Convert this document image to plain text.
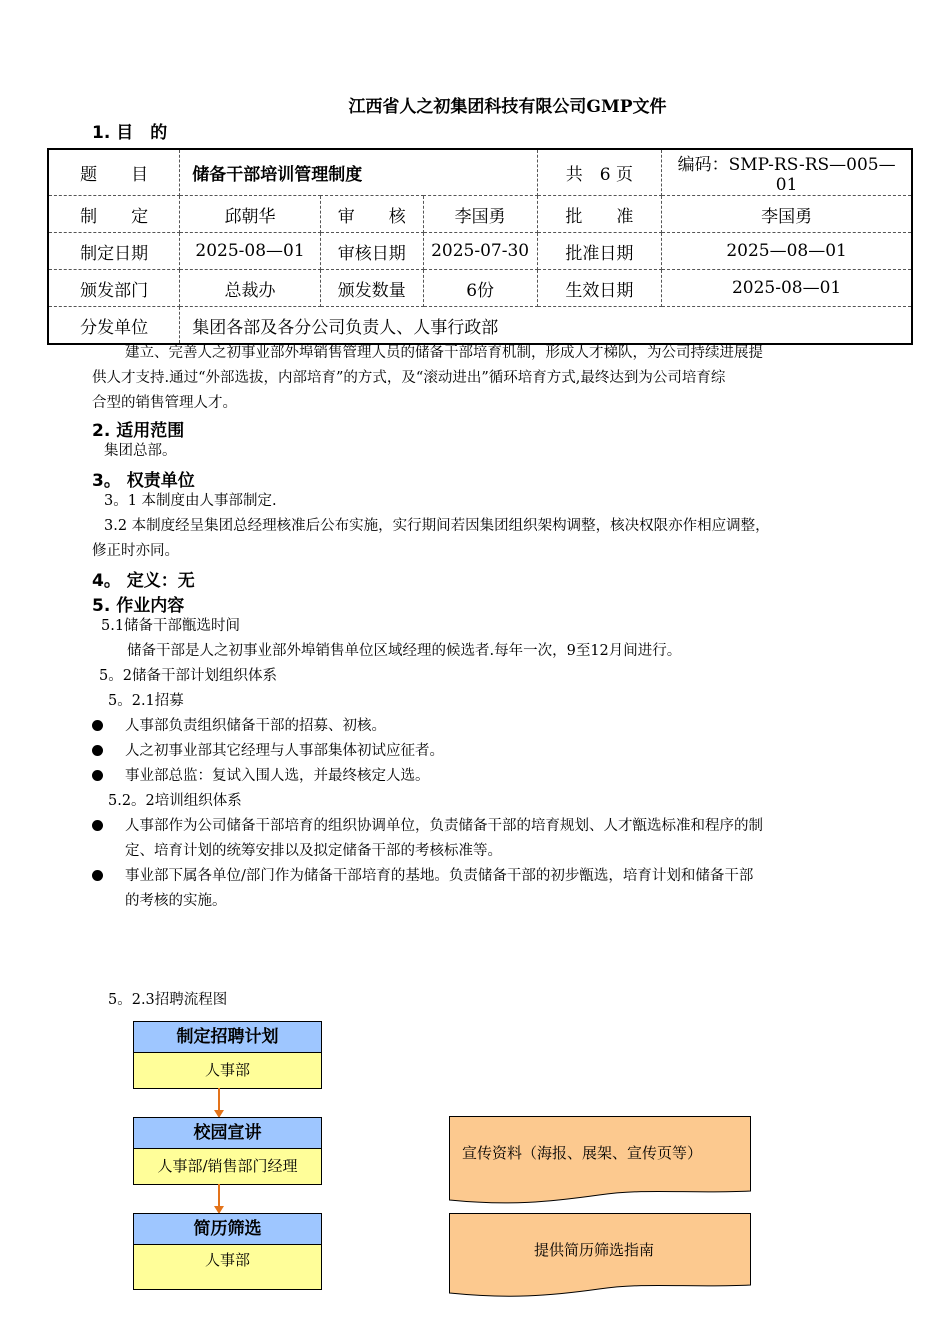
江西省人之初集团科技有限公司GMP文件
1. 目　的
题　　目	储备干部培训管理制度			共　6 页	编码：SMP-RS-RS—005—01
制　　定	邱朝华	审　　核	李国勇	批　　准	李国勇
制定日期	2025-08—01	审核日期	2025-07-30	批准日期	2025—08—01
颁发部门	总裁办	颁发数量	6份	生效日期	2025-08—01
分发单位	集团各部及各分公司负责人、人事行政部				
建立、完善人之初事业部外埠销售管理人员的储备干部培育机制，形成人才梯队，为公司持续进展提
供人才支持.通过“外部选拔，内部培育”的方式，及“滚动进出”循环培育方式,最终达到为公司培育综
合型的销售管理人才。
2. 适用范围
集团总部。
3。 权责单位
3。1 本制度由人事部制定.
3.2 本制度经呈集团总经理核准后公布实施，实行期间若因集团组织架构调整，核决权限亦作相应调整，
修正时亦同。
4。 定义：无
5. 作业内容
5.1储备干部甑选时间
储备干部是人之初事业部外埠销售单位区域经理的候选者.每年一次，9至12月间进行。
5。2储备干部计划组织体系
5。2.1招募
人事部负责组织储备干部的招募、初核。
人之初事业部其它经理与人事部集体初试应征者。
事业部总监：复试入围人选，并最终核定人选。
5.2。2培训组织体系
人事部作为公司储备干部培育的组织协调单位，负责储备干部的培育规划、人才甑选标准和程序的制
定、培育计划的统筹安排以及拟定储备干部的考核标准等。
事业部下属各单位/部门作为储备干部培育的基地。负责储备干部的初步甑选，培育计划和储备干部
的考核的实施。
5。2.3招聘流程图
制定招聘计划
人事部
校园宣讲
人事部/销售部门经理
简历筛选
人事部
宣传资料（海报、展架、宣传页等）
提供简历筛选指南
